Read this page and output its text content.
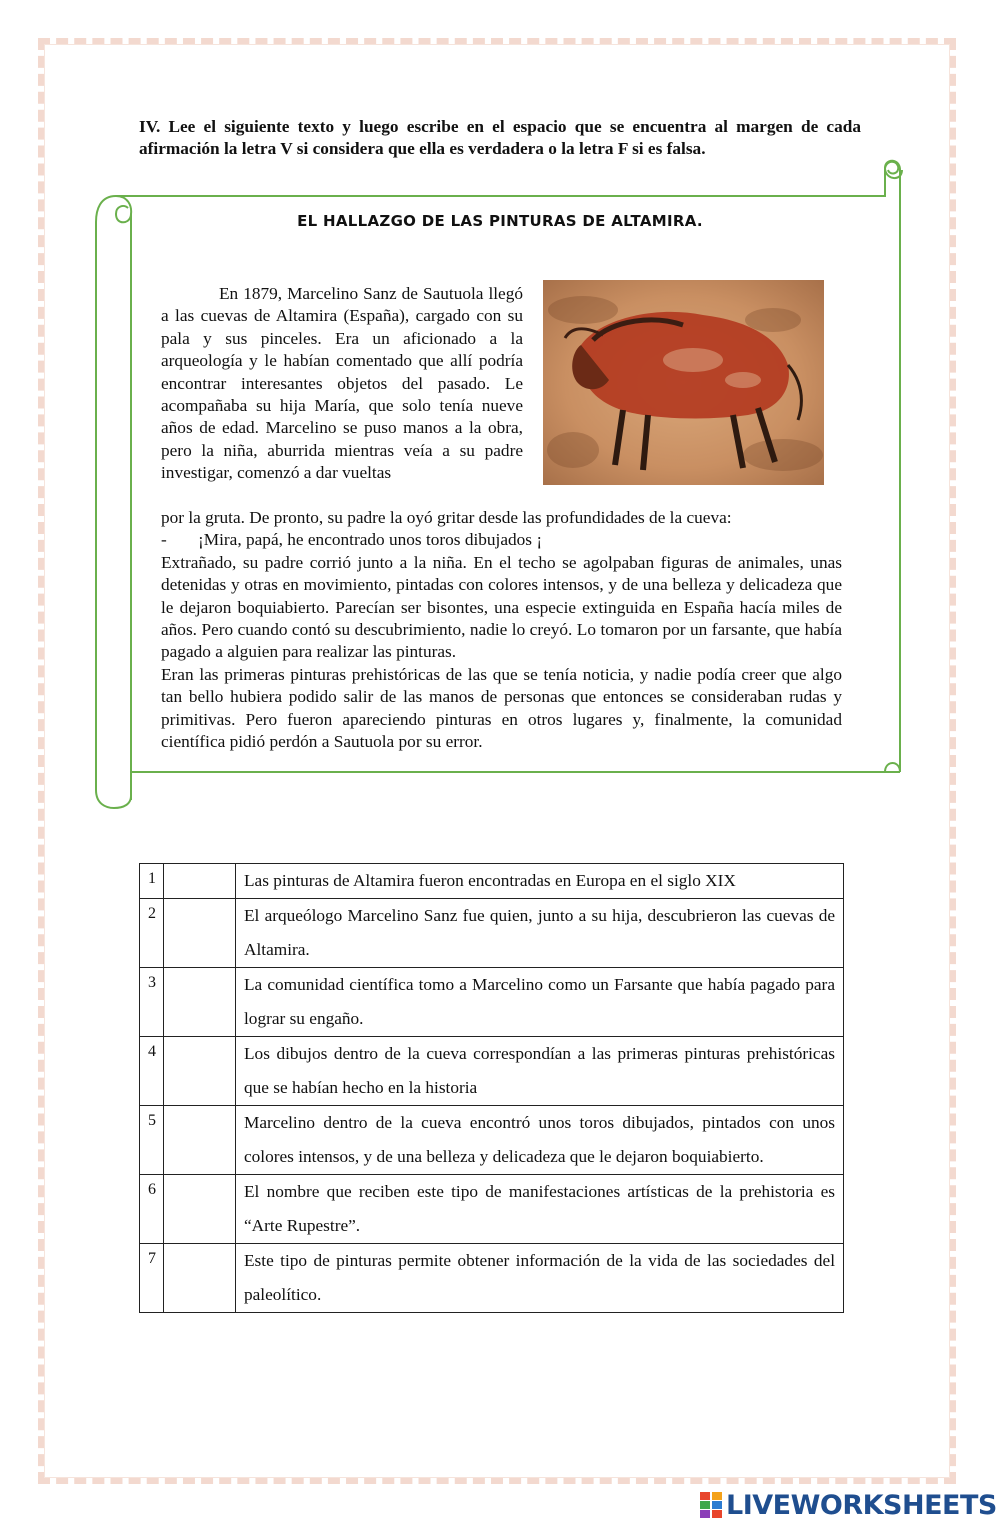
IV. Lee el siguiente texto y luego escribe en el espacio que se encuentra al margen de cada afirmación la letra V si considera que ella es verdadera o la letra F si es falsa.
EL HALLAZGO DE LAS PINTURAS DE ALTAMIRA.

En 1879, Marcelino Sanz de Sautuola llegó a las cuevas de Altamira (España), cargado con su pala y sus pinceles. Era un aficionado a la arqueología y le habían comentado que allí podría encontrar interesantes objetos del pasado. Le acompañaba su hija María, que solo tenía nueve años de edad. Marcelino se puso manos a la obra, pero la niña, aburrida mientras veía a su padre investigar, comenzó a dar vueltas

por la gruta. De pronto, su padre la oyó gritar desde las profundidades de la cueva:

-	¡Mira, papá, he encontrado unos toros dibujados ¡

Extrañado, su padre corrió junto a la niña. En el techo se agolpaban figuras de animales, unas detenidas y otras en movimiento, pintadas con colores intensos, y de una belleza y delicadeza que le dejaron boquiabierto. Parecían ser bisontes, una especie extinguida en España hacía miles de años. Pero cuando contó su descubrimiento, nadie lo creyó. Lo tomaron por un farsante, que había pagado a alguien para realizar las pinturas.

Eran las primeras pinturas prehistóricas de las que se tenía noticia, y nadie podía creer que algo tan bello hubiera podido salir de las manos de personas que entonces se consideraban rudas y primitivas. Pero fueron apareciendo pinturas en otros lugares y, finalmente, la comunidad científica pidió perdón a Sautuola por su error.

1		Las pinturas de Altamira fueron encontradas en Europa en el siglo XIX
2		El arqueólogo Marcelino Sanz fue quien, junto a su hija, descubrieron las cuevas de Altamira.
3		La comunidad científica tomo a Marcelino como un Farsante que había pagado para lograr su engaño.
4		Los dibujos dentro de la cueva correspondían a las primeras pinturas prehistóricas que se habían hecho en la historia
5		Marcelino dentro de la cueva encontró unos toros dibujados, pintados con unos colores intensos, y de una belleza y delicadeza que le dejaron boquiabierto.
6		El nombre que reciben este tipo de manifestaciones artísticas de la prehistoria es “Arte Rupestre”.
7		Este tipo de pinturas permite obtener información de la vida de las sociedades del paleolítico.
LIVEWORKSHEETS
